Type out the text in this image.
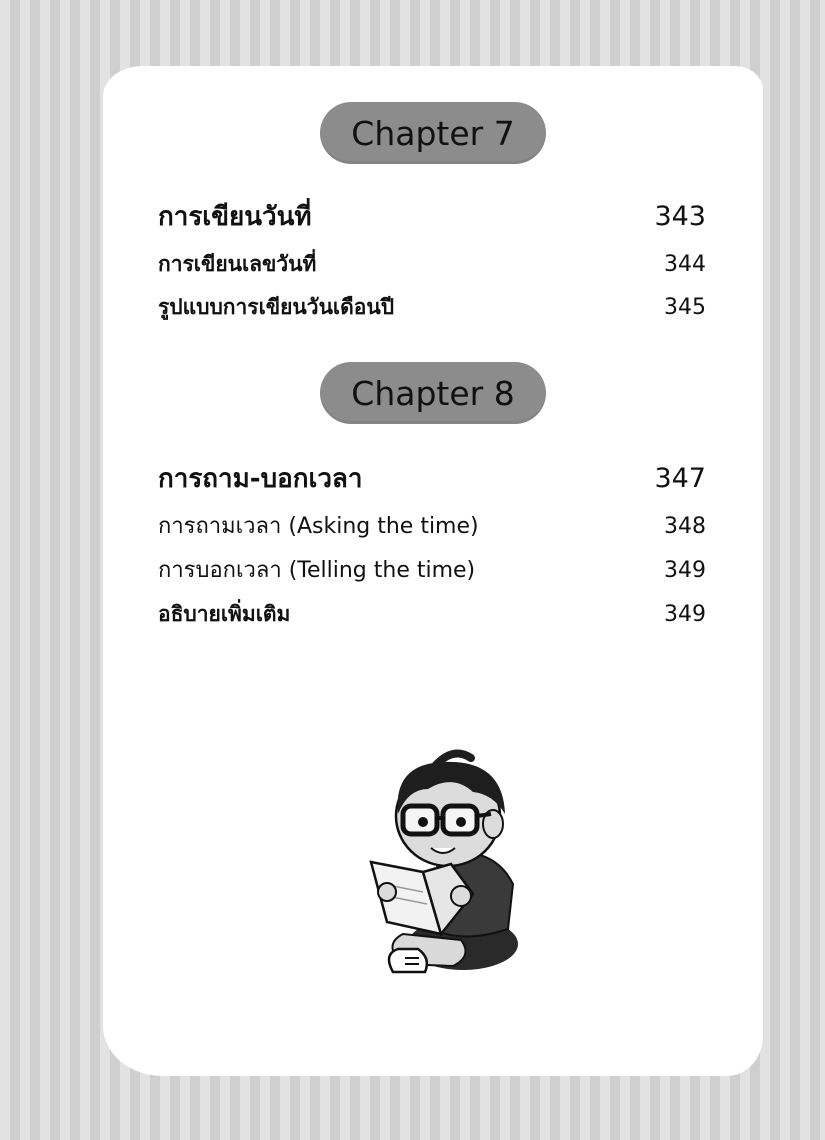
Chapter 7
การเขียนวันที่	343
การเขียนเลขวันที่	344
รูปแบบการเขียนวันเดือนปี	345
Chapter 8
การถาม-บอกเวลา	347
การถามเวลา (Asking the time)	348
การบอกเวลา (Telling the time)	349
อธิบายเพิ่มเติม	349
